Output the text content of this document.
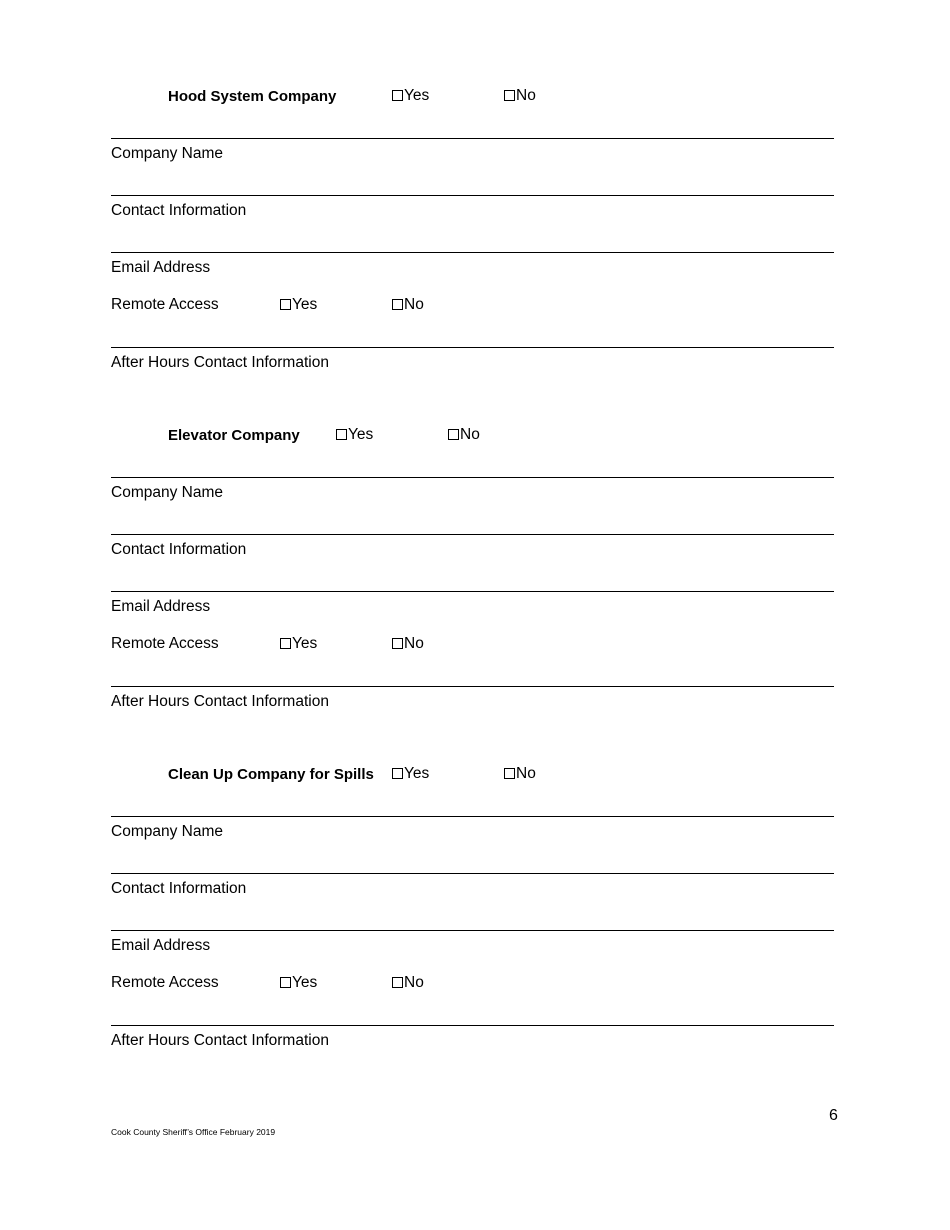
Hood System Company	Yes	No
Company Name
Contact Information
Email Address
Remote Access	Yes	No
After Hours Contact Information
Elevator Company	Yes	No
Company Name
Contact Information
Email Address
Remote Access	Yes	No
After Hours Contact Information
Clean Up Company for Spills	Yes	No
Company Name
Contact Information
Email Address
Remote Access	Yes	No
After Hours Contact Information
6
Cook County Sheriff’s Office February 2019
